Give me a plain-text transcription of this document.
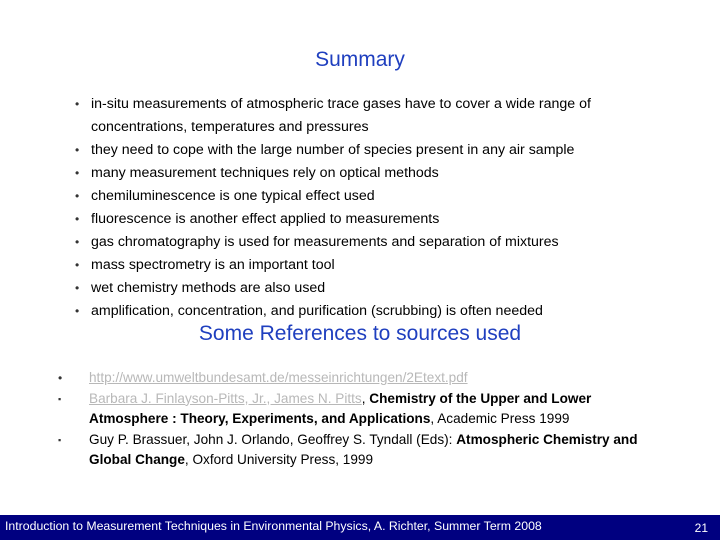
Summary
• in-situ measurements of atmospheric trace gases have to cover a wide range of concentrations, temperatures and pressures
• they need to cope with the large number of species present in any air sample
• many measurement techniques rely on optical methods
• chemiluminescence is one typical effect used
• fluorescence is another effect applied to measurements
• gas chromatography is used for measurements and separation of mixtures
• mass spectrometry is an important tool
• wet chemistry methods are also used
• amplification, concentration, and purification (scrubbing) is often needed
Some References to sources used
• http://www.umweltbundesamt.de/messeinrichtungen/2Etext.pdf
▪ Barbara J. Finlayson-Pitts, Jr., James N. Pitts, Chemistry of the Upper and Lower Atmosphere : Theory, Experiments, and Applications, Academic Press 1999
▪ Guy P. Brassuer, John J. Orlando, Geoffrey S. Tyndall (Eds): Atmospheric Chemistry and Global Change, Oxford University Press, 1999
Introduction to Measurement Techniques in Environmental Physics, A. Richter, Summer Term 2008	21
